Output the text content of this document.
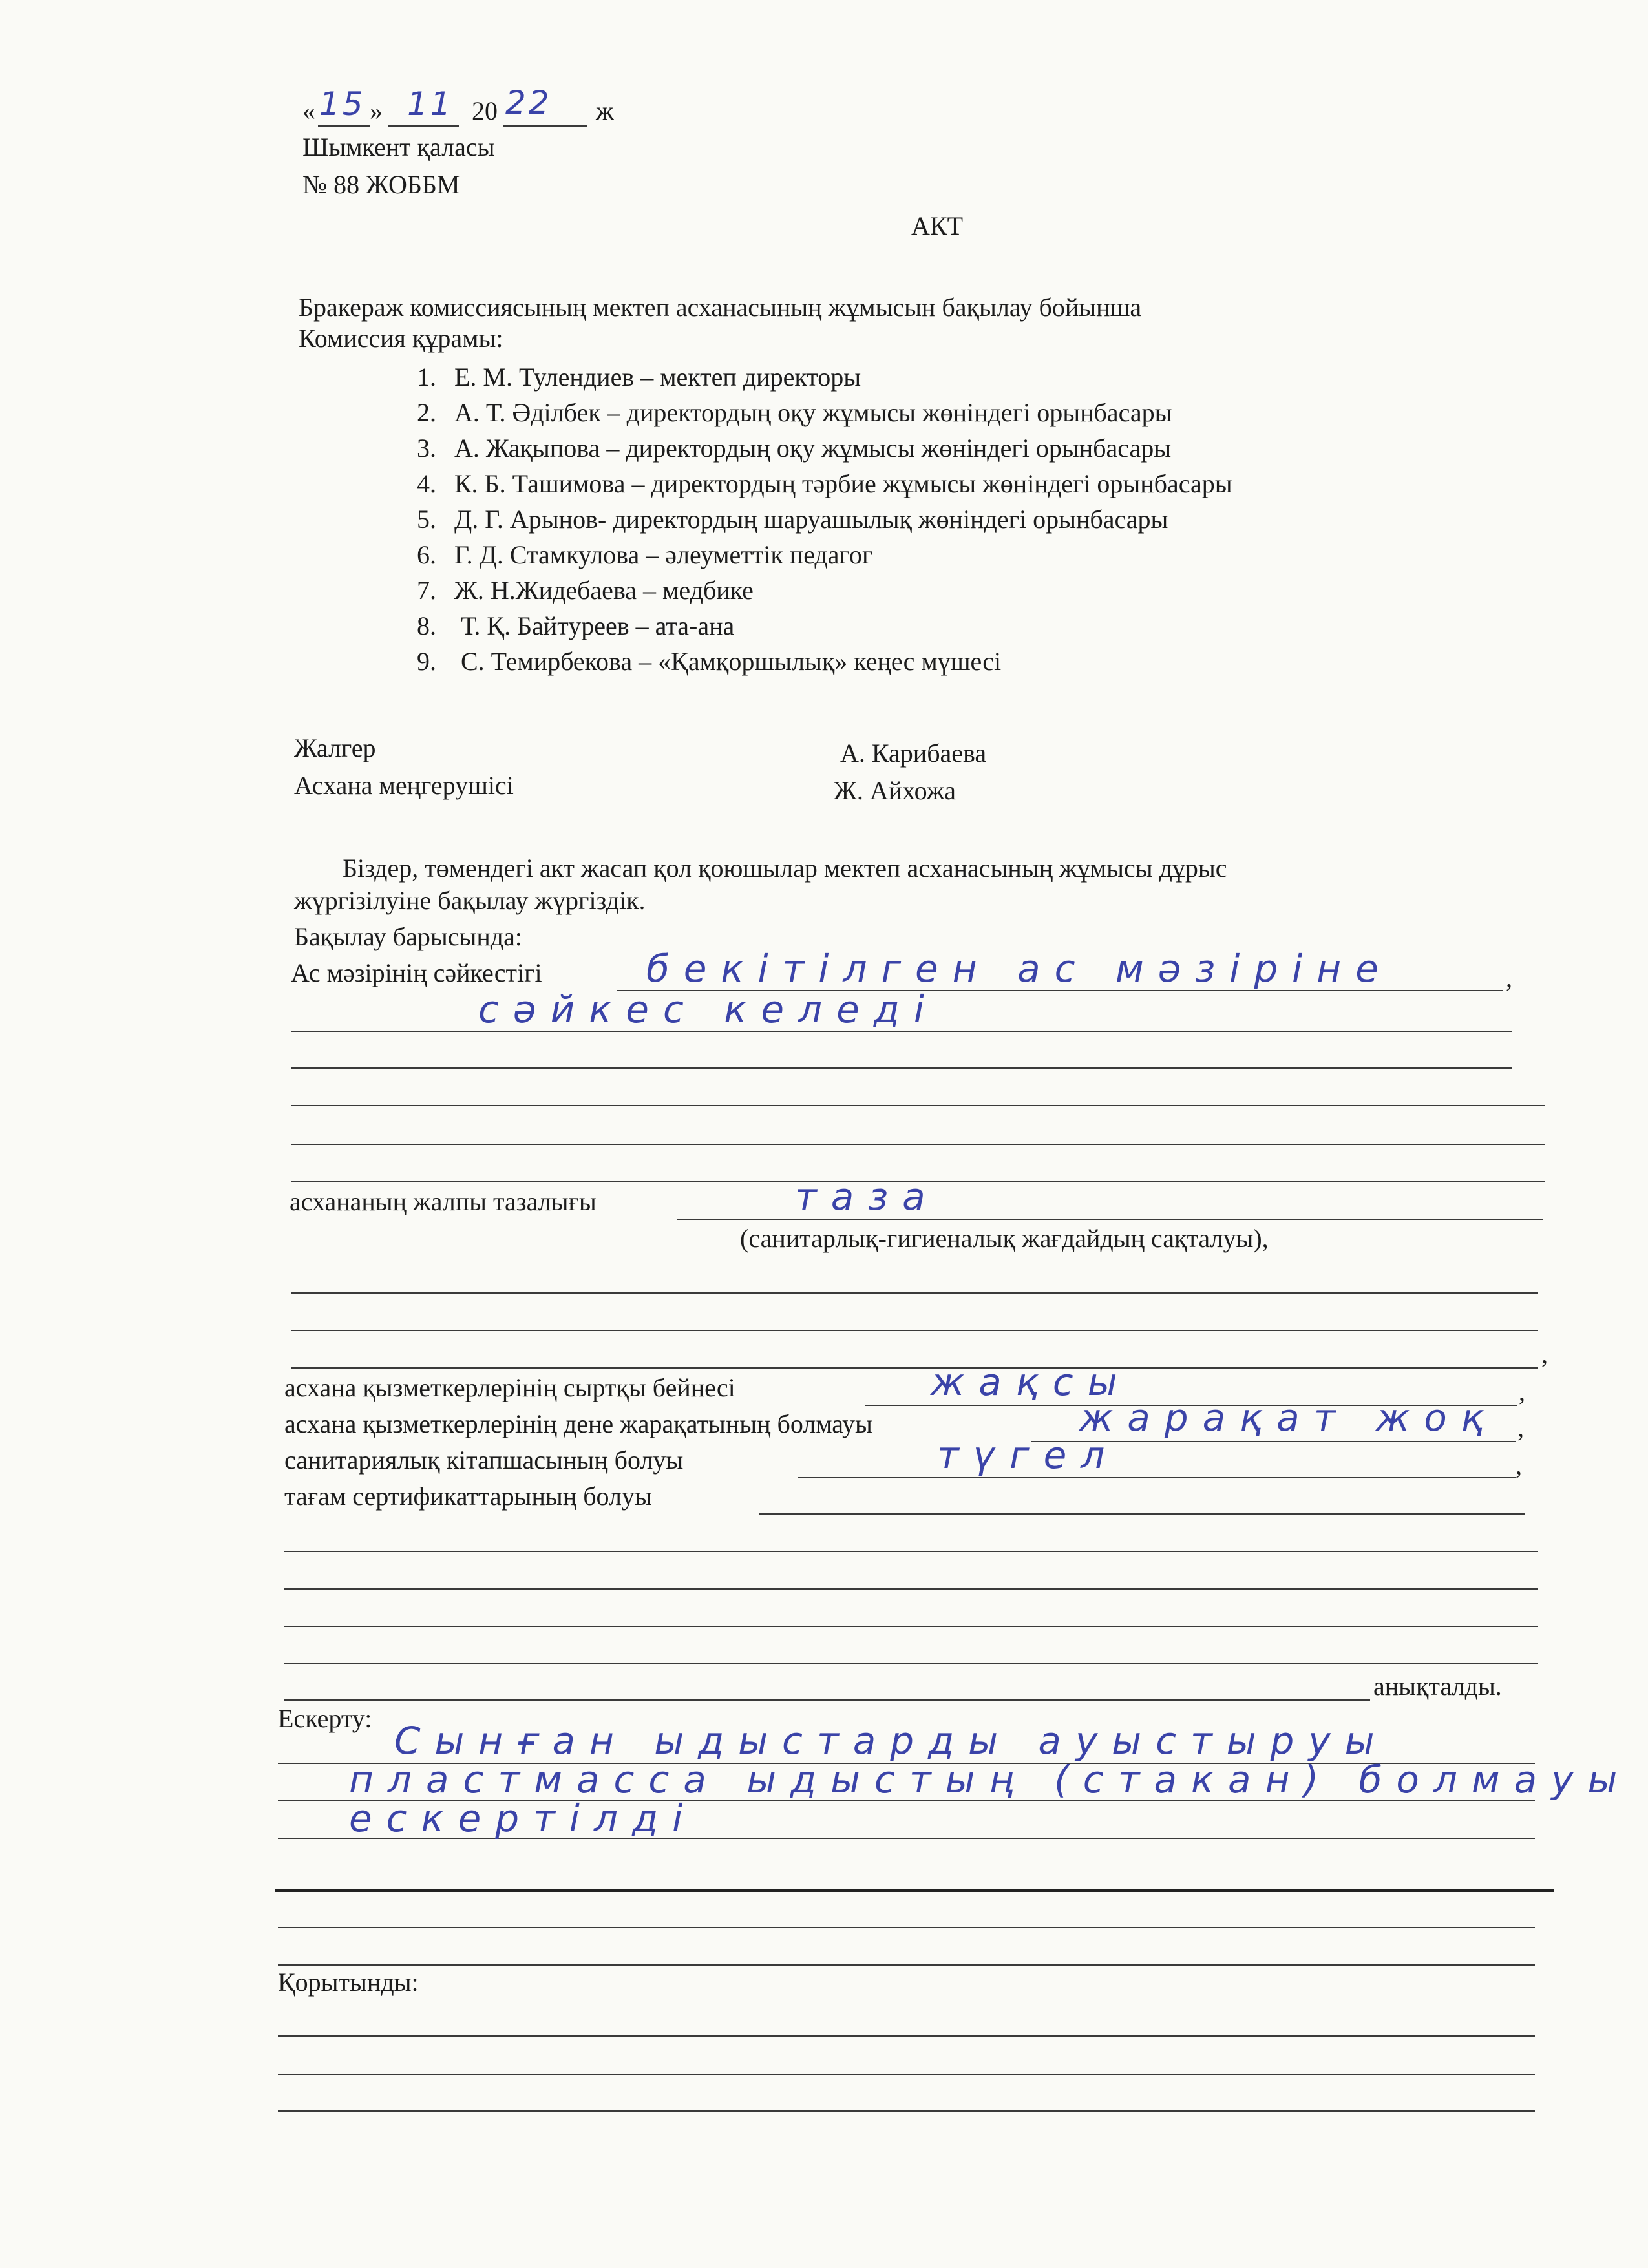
« 15 » 11 20 22 ж
Шымкент қаласы
№ 88 ЖОББМ
АКТ
Бракераж комиссиясының мектеп асханасының жұмысын бақылау бойынша
Комиссия құрамы:
1. Е. М. Тулендиев – мектеп директоры
2. А. Т. Әділбек – директордың оқу жұмысы жөніндегі орынбасары
3. А. Жақыпова – директордың оқу жұмысы жөніндегі орынбасары
4. К. Б. Ташимова – директордың тәрбие жұмысы жөніндегі орынбасары
5. Д. Г. Арынов- директордың шаруашылық жөніндегі орынбасары
6. Г. Д. Стамкулова – әлеуметтік педагог
7. Ж. Н.Жидебаева – медбике
8. Т. Қ. Байтуреев – ата-ана
9. С. Темирбекова – «Қамқоршылық» кеңес мүшесі
Жалгер	А. Карибаева
Асхана меңгерушісі	Ж. Айхожа
Біздер, төмендегі акт жасап қол қоюшылар мектеп асханасының жұмысы дұрыс
жүргізілуіне бақылау жүргіздік.
Бақылау барысында:
Ас мәзірінің сәйкестігі	бекітілген ас мәзіріне	,
сәйкес келеді
асхананың жалпы тазалығы	таза
(санитарлық-гигиеналық жағдайдың сақталуы),
,
асхана қызметкерлерінің сыртқы бейнесі	жақсы	,
асхана қызметкерлерінің дене жарақатының болмауы	жарақат жоқ ,
санитариялық кітапшасының болуы	түгел	,
тағам сертификаттарының болуы
анықталды.
Ескерту:
Сынған ыдыстарды ауыстыруы
пластмасса ыдыстың (стакан) болмауы
ескертілді
Қорытынды:
